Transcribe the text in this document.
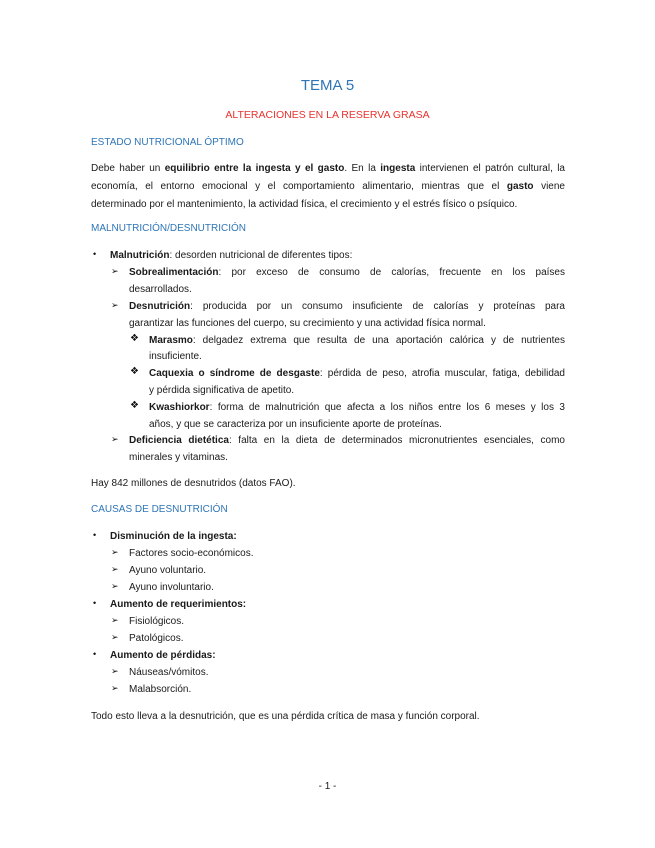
TEMA 5
ALTERACIONES EN LA RESERVA GRASA
ESTADO NUTRICIONAL ÓPTIMO
Debe haber un equilibrio entre la ingesta y el gasto. En la ingesta intervienen el patrón cultural, la economía, el entorno emocional y el comportamiento alimentario, mientras que el gasto viene determinado por el mantenimiento, la actividad física, el crecimiento y el estrés físico o psíquico.
MALNUTRICIÓN/DESNUTRICIÓN
• Malnutrición: desorden nutricional de diferentes tipos:
➢ Sobrealimentación: por exceso de consumo de calorías, frecuente en los países
desarrollados.
➢ Desnutrición: producida por un consumo insuficiente de calorías y proteínas para
garantizar las funciones del cuerpo, su crecimiento y una actividad física normal.
❖ Marasmo: delgadez extrema que resulta de una aportación calórica y de nutrientes
insuficiente.
❖ Caquexia o síndrome de desgaste: pérdida de peso, atrofia muscular, fatiga, debilidad
y pérdida significativa de apetito.
❖ Kwashiorkor: forma de malnutrición que afecta a los niños entre los 6 meses y los 3
años, y que se caracteriza por un insuficiente aporte de proteínas.
➢ Deficiencia dietética: falta en la dieta de determinados micronutrientes esenciales, como
minerales y vitaminas.
Hay 842 millones de desnutridos (datos FAO).
CAUSAS DE DESNUTRICIÓN
• Disminución de la ingesta:
➢ Factores socio-económicos.
➢ Ayuno voluntario.
➢ Ayuno involuntario.
• Aumento de requerimientos:
➢ Fisiológicos.
➢ Patológicos.
• Aumento de pérdidas:
➢ Náuseas/vómitos.
➢ Malabsorción.
Todo esto lleva a la desnutrición, que es una pérdida crítica de masa y función corporal.
- 1 -
